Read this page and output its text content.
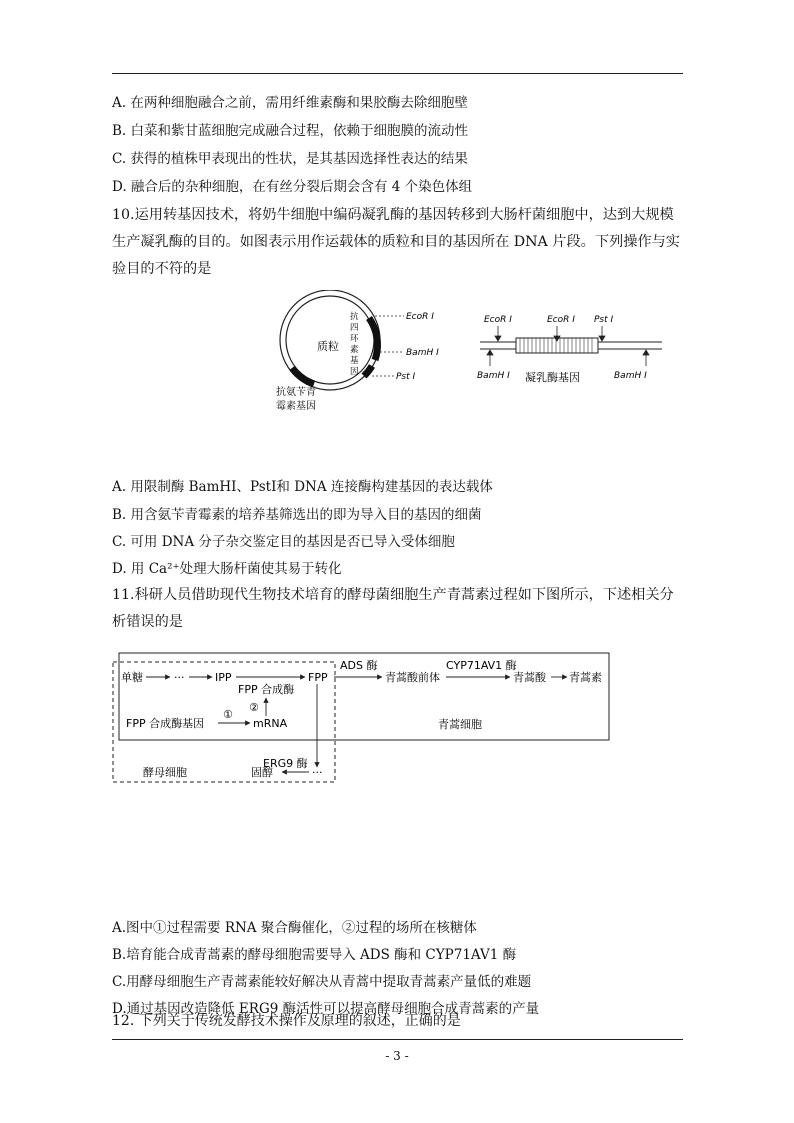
A. 在两种细胞融合之前，需用纤维素酶和果胶酶去除细胞壁
B. 白菜和紫甘蓝细胞完成融合过程，依赖于细胞膜的流动性
C. 获得的植株甲表现出的性状，是其基因选择性表达的结果
D. 融合后的杂种细胞，在有丝分裂后期会含有 4 个染色体组
10.运用转基因技术，将奶牛细胞中编码凝乳酶的基因转移到大肠杆菌细胞中，达到大规模生产凝乳酶的目的。如图表示用作运载体的质粒和目的基因所在 DNA 片段。下列操作与实验目的不符的是
质粒
抗
四
环
素
基
因
EcoR Ⅰ
BamH Ⅰ
Pst Ⅰ
抗氨苄青
霉素基因
EcoR Ⅰ	EcoR Ⅰ Pst Ⅰ
BamH Ⅰ 凝乳酶基因	BamH Ⅰ
A. 用限制酶 BamHⅠ、PstⅠ和 DNA 连接酶构建基因的表达载体
B. 用含氨苄青霉素的培养基筛选出的即为导入目的基因的细菌
C. 可用 DNA 分子杂交鉴定目的基因是否已导入受体细胞
D. 用 Ca²⁺处理大肠杆菌使其易于转化
11.科研人员借助现代生物技术培育的酵母菌细胞生产青蒿素过程如下图所示，下述相关分析错误的是
单糖	···	IPP
FPP 合成酶
FPP
ADS 酶
青蒿酸前体
CYP71AV1 酶
青蒿酸 青蒿素
FPP 合成酶基因
①
mRNA
②
青蒿细胞
···
ERG9 酶
固醇
酵母细胞
A.图中①过程需要 RNA 聚合酶催化，②过程的场所在核糖体
B.培育能合成青蒿素的酵母细胞需要导入 ADS 酶和 CYP71AV1 酶
C.用酵母细胞生产青蒿素能较好解决从青蒿中提取青蒿素产量低的难题
D.通过基因改造降低 ERG9 酶活性可以提高酵母细胞合成青蒿素的产量
12. 下列关于传统发酵技术操作及原理的叙述，正确的是
- 3 -
